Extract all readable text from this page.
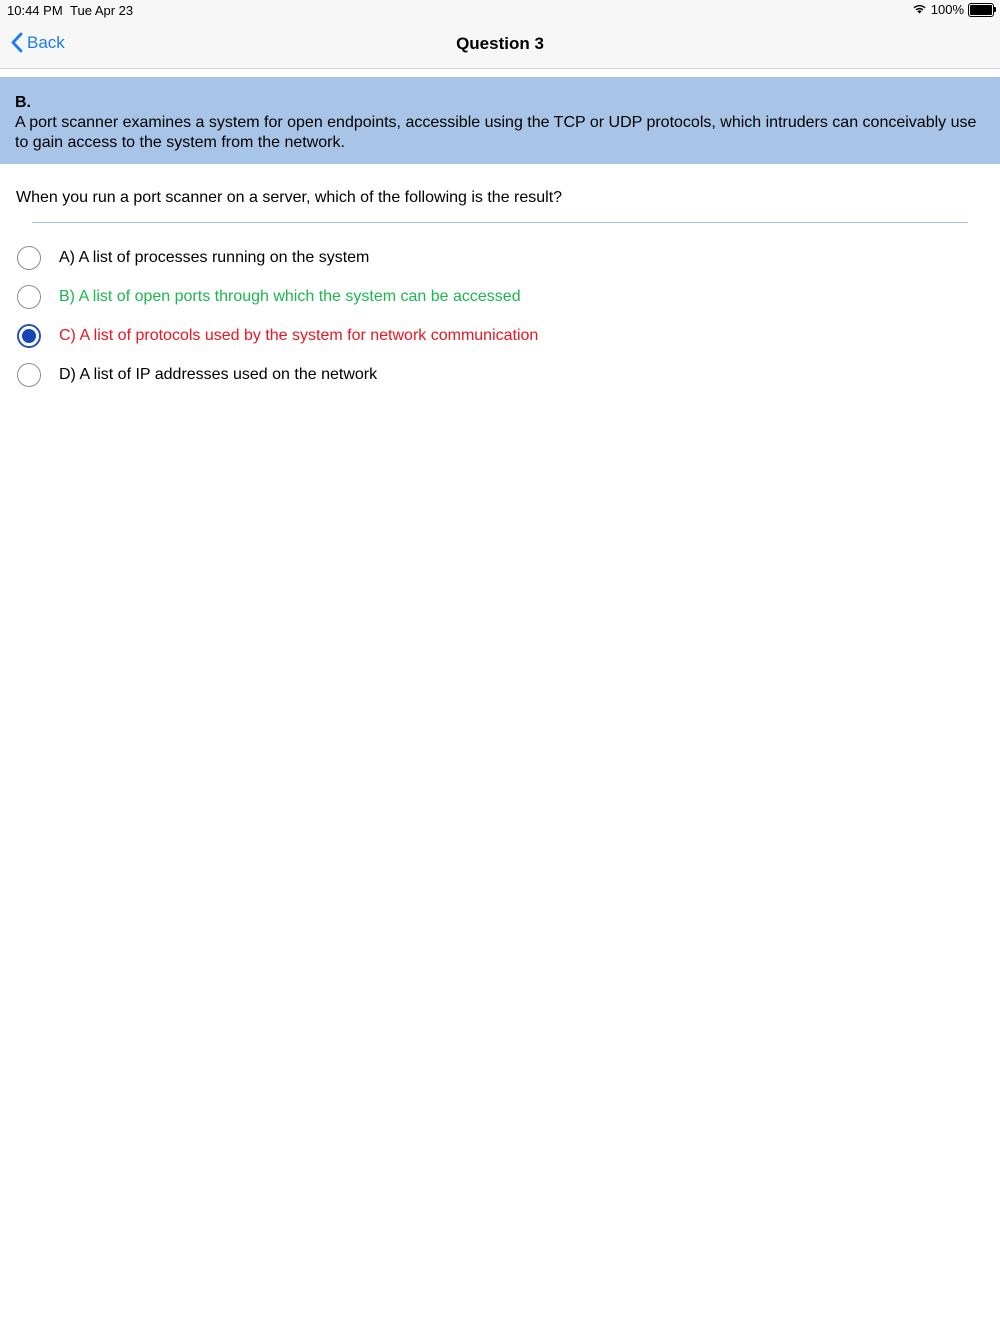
10:44 PM Tue Apr 23	100%
Back	Question 3
B.
A port scanner examines a system for open endpoints, accessible using the TCP or UDP protocols, which intruders can conceivably use to gain access to the system from the network.
When you run a port scanner on a server, which of the following is the result?
A) A list of processes running on the system
B) A list of open ports through which the system can be accessed
C) A list of protocols used by the system for network communication
D) A list of IP addresses used on the network
